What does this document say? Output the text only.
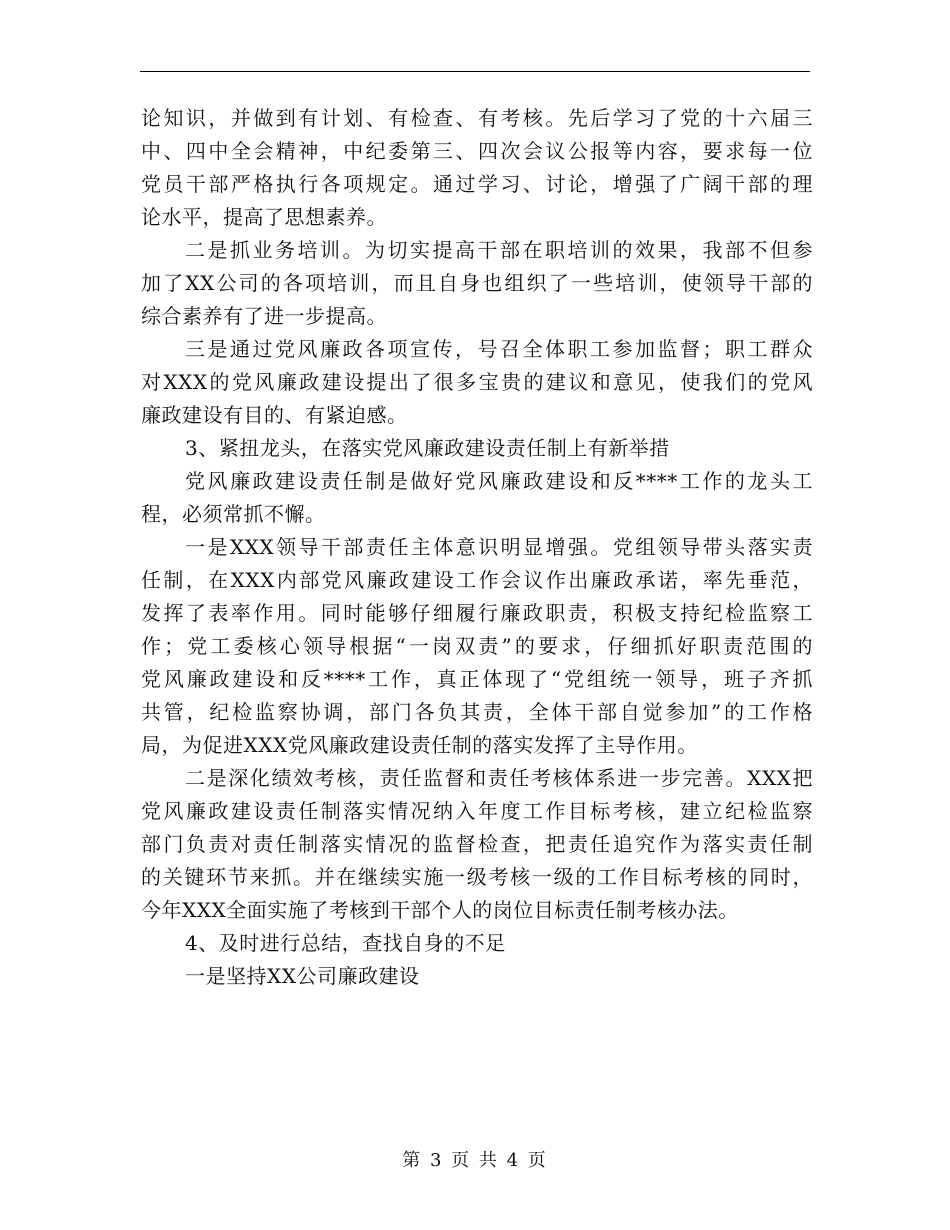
论知识，并做到有计划、有检查、有考核。先后学习了党的十六届三
中、四中全会精神，中纪委第三、四次会议公报等内容，要求每一位
党员干部严格执行各项规定。通过学习、讨论，增强了广阔干部的理
论水平，提高了思想素养。
二是抓业务培训。为切实提高干部在职培训的效果，我部不但参
加了XX公司的各项培训，而且自身也组织了一些培训，使领导干部的
综合素养有了进一步提高。
三是通过党风廉政各项宣传，号召全体职工参加监督；职工群众
对XXX的党风廉政建设提出了很多宝贵的建议和意见，使我们的党风
廉政建设有目的、有紧迫感。
3、紧扭龙头，在落实党风廉政建设责任制上有新举措
党风廉政建设责任制是做好党风廉政建设和反****工作的龙头工
程，必须常抓不懈。
一是XXX领导干部责任主体意识明显增强。党组领导带头落实责
任制，在XXX内部党风廉政建设工作会议作出廉政承诺，率先垂范，
发挥了表率作用。同时能够仔细履行廉政职责，积极支持纪检监察工
作；党工委核心领导根据“一岗双责”的要求，仔细抓好职责范围的
党风廉政建设和反****工作，真正体现了“党组统一领导，班子齐抓
共管，纪检监察协调，部门各负其责，全体干部自觉参加”的工作格
局，为促进XXX党风廉政建设责任制的落实发挥了主导作用。
二是深化绩效考核，责任监督和责任考核体系进一步完善。XXX把
党风廉政建设责任制落实情况纳入年度工作目标考核，建立纪检监察
部门负责对责任制落实情况的监督检查，把责任追究作为落实责任制
的关键环节来抓。并在继续实施一级考核一级的工作目标考核的同时，
今年XXX全面实施了考核到干部个人的岗位目标责任制考核办法。
4、及时进行总结，查找自身的不足
一是坚持XX公司廉政建设
第 3 页 共 4 页
